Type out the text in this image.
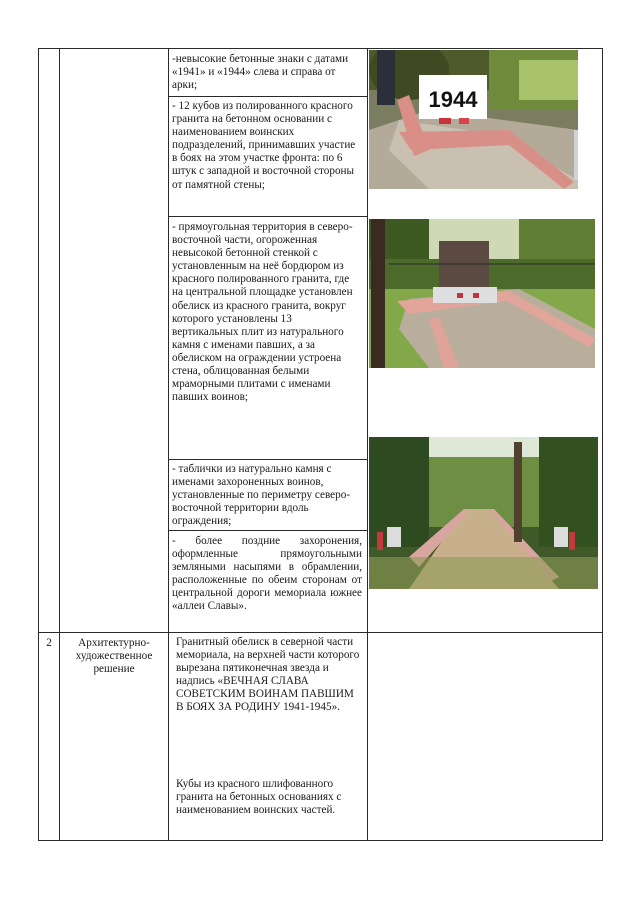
-невысокие бетонные знаки с датами «1941» и «1944» слева и справа от арки;

- 12 кубов из полированного красного гранита на бетонном основании с наименованием воинских подразделений, принимавших участие в боях на этом участке фронта: по 6 штук с западной и восточной стороны от памятной стены;

- прямоугольная территория в северо-восточной части, огороженная невысокой бетонной стенкой с установленным на неё бордюром из красного полированного гранита, где на центральной площадке установлен обелиск из красного гранита, вокруг которого установлены 13 вертикальных плит из натурального камня с именами павших, а за обелиском на ограждении устроена стена, облицованная белыми мраморными плитами с именами павших воинов;

- таблички из натурально камня с именами захороненных воинов, установленные по периметру северо-восточной территории вдоль ограждения;

- более поздние захоронения, оформленные прямоугольными земляными насыпями в обрамлении, расположенные по обеим сторонам от центральной дороги мемориала южнее «аллеи Славы».

1944

2	Архитектурно-художественное решение

Гранитный обелиск в северной части мемориала, на верхней части которого вырезана пятиконечная звезда и надпись «ВЕЧНАЯ СЛАВА СОВЕТСКИМ ВОИНАМ ПАВШИМ В БОЯХ ЗА РОДИНУ 1941-1945».

Кубы из красного шлифованного гранита на бетонных основаниях с наименованием воинских частей.
